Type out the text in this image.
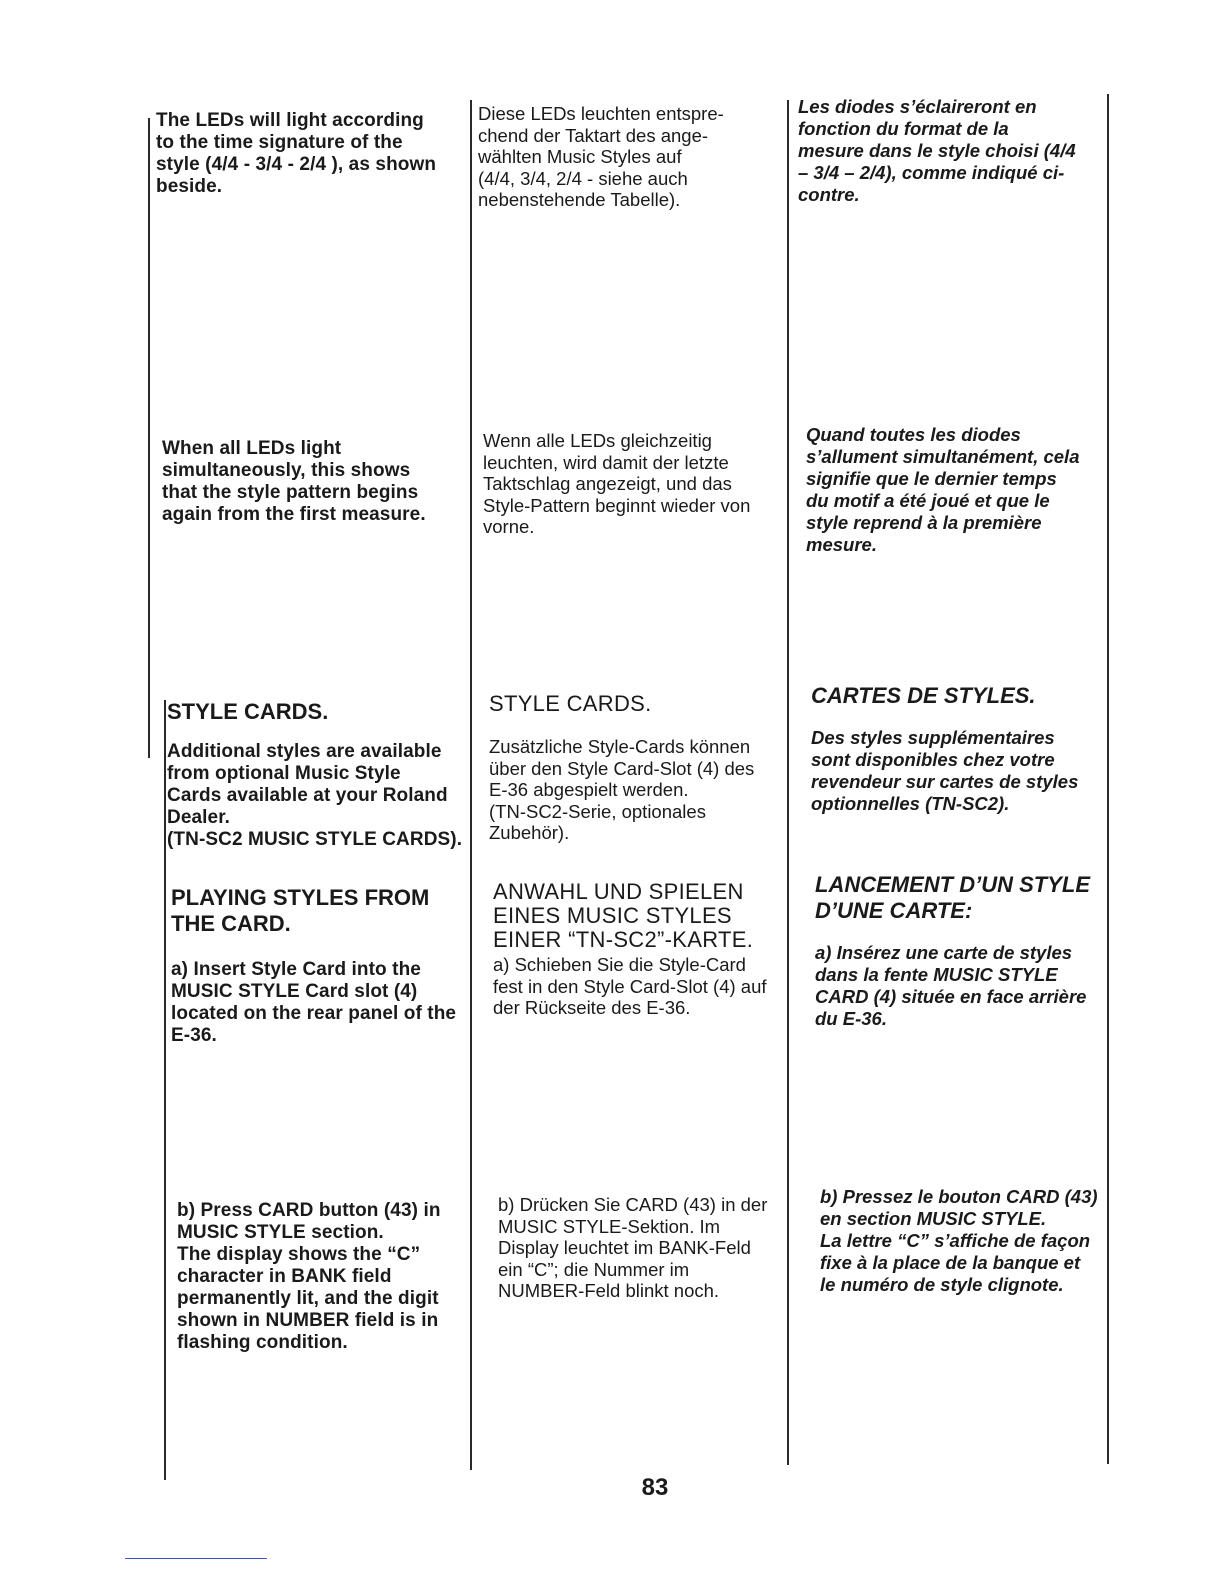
The LEDs will light according
to the time signature of the
style (4/4 - 3/4 - 2/4 ), as shown
beside.

Diese LEDs leuchten entspre-
chend der Taktart des ange-
wählten Music Styles auf
(4/4, 3/4, 2/4 - siehe auch
nebenstehende Tabelle).

Les diodes s’éclaireront en
fonction du format de la
mesure dans le style choisi (4/4
– 3/4 – 2/4), comme indiqué ci-
contre.

When all LEDs light
simultaneously, this shows
that the style pattern begins
again from the first measure.

Wenn alle LEDs gleichzeitig
leuchten, wird damit der letzte
Taktschlag angezeigt, und das
Style-Pattern beginnt wieder von
vorne.

Quand toutes les diodes
s’allument simultanément, cela
signifie que le dernier temps
du motif a été joué et que le
style reprend à la première
mesure.

STYLE CARDS.

Additional styles are available
from optional Music Style
Cards available at your Roland
Dealer.
(TN-SC2 MUSIC STYLE CARDS).

STYLE CARDS.

Zusätzliche Style-Cards können
über den Style Card-Slot (4) des
E-36 abgespielt werden.
(TN-SC2-Serie, optionales
Zubehör).

CARTES DE STYLES.

Des styles supplémentaires
sont disponibles chez votre
revendeur sur cartes de styles
optionnelles (TN-SC2).

PLAYING STYLES FROM
THE CARD.

a) Insert Style Card into the
MUSIC STYLE Card slot (4)
located on the rear panel of the
E-36.

ANWAHL UND SPIELEN
EINES MUSIC STYLES
EINER “TN-SC2”-KARTE.

a) Schieben Sie die Style-Card
fest in den Style Card-Slot (4) auf
der Rückseite des E-36.

LANCEMENT D’UN STYLE
D’UNE CARTE:

a) Insérez une carte de styles
dans la fente MUSIC STYLE
CARD (4) située en face arrière
du E-36.

b) Press CARD button (43) in
MUSIC STYLE section.
The display shows the “C”
character in BANK field
permanently lit, and the digit
shown in NUMBER field is in
flashing condition.

b) Drücken Sie CARD (43) in der
MUSIC STYLE-Sektion. Im
Display leuchtet im BANK-Feld
ein “C”; die Nummer im
NUMBER-Feld blinkt noch.

b) Pressez le bouton CARD (43)
en section MUSIC STYLE.
La lettre “C” s’affiche de façon
fixe à la place de la banque et
le numéro de style clignote.

83
